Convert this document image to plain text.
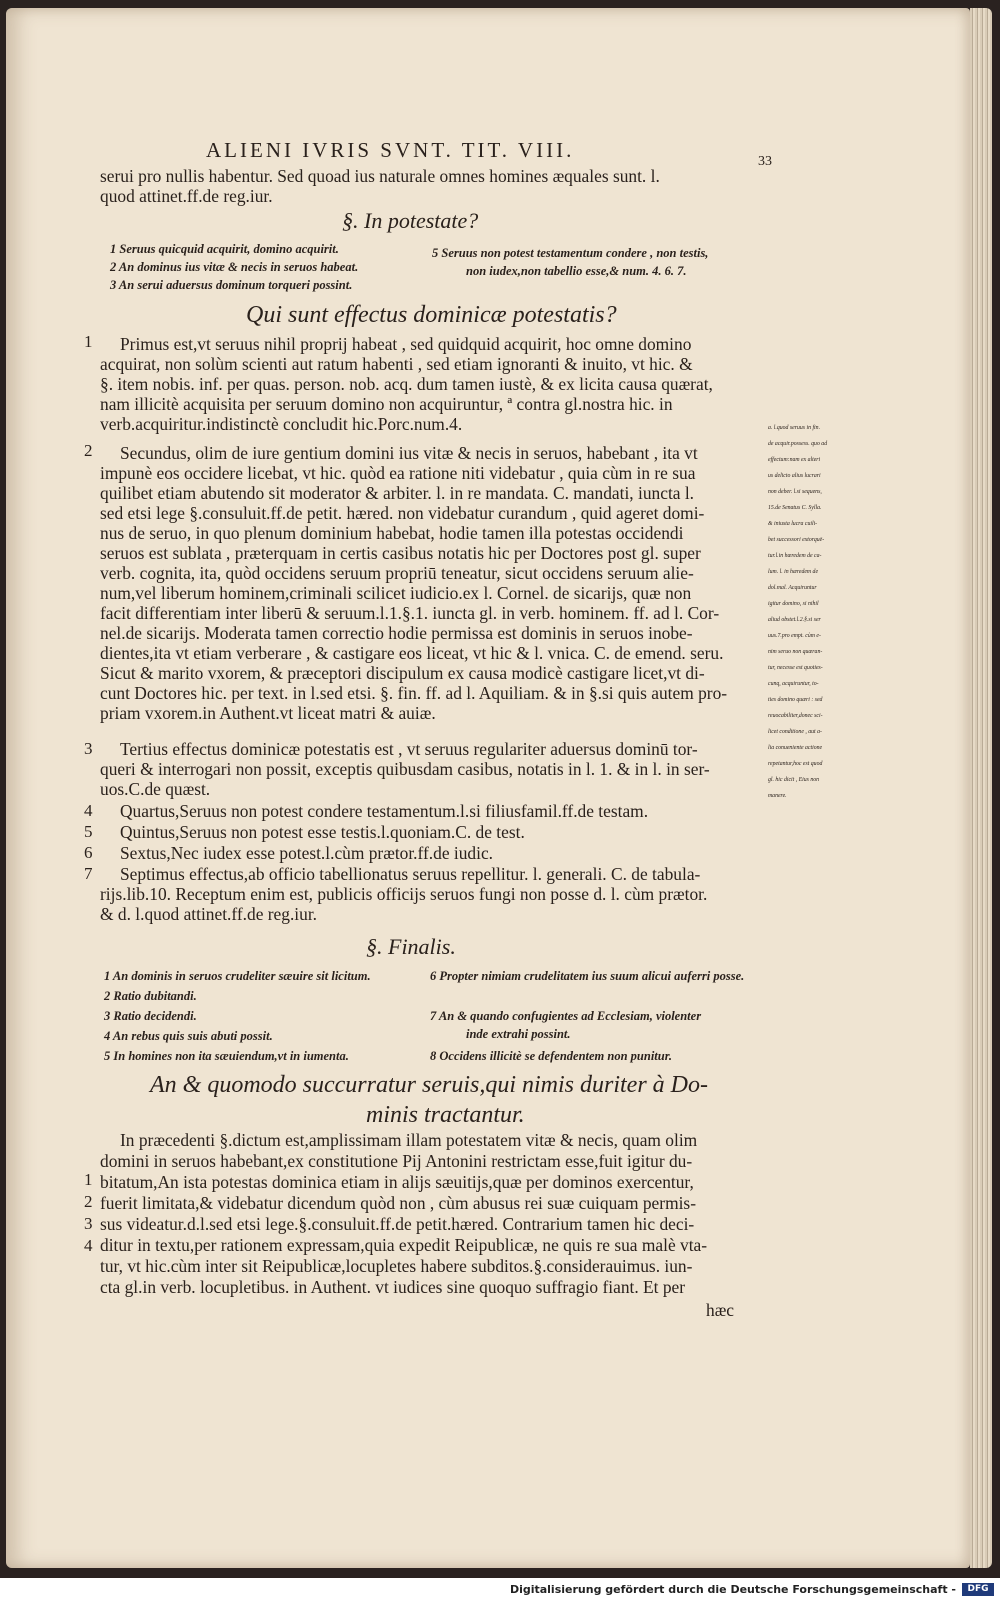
ALIENI IVRIS SVNT. TIT. VIII.	33
serui pro nullis habentur. Sed quoad ius naturale omnes homines æquales sunt. l.
quod attinet.ff.de reg.iur.
§. In potestate?
1 Seruus quicquid acquirit, domino acquirit.
2 An dominus ius vitæ & necis in seruos habeat.
3 An serui aduersus dominum torqueri possint.
5 Seruus non potest testamentum condere , non testis,
non iudex,non tabellio esse,& num. 4. 6. 7.
Qui sunt effectus dominicæ potestatis?
1
2
3
4
5
6
7
Primus est,vt seruus nihil proprij habeat , sed quidquid acquirit, hoc omne domino
acquirat, non solùm scienti aut ratum habenti , sed etiam ignoranti & inuito, vt hic. &
§. item nobis. inf. per quas. person. nob. acq. dum tamen iustè, & ex licita causa quærat,
nam illicitè acquisita per seruum domino non acquiruntur, ª contra gl.nostra hic. in
verb.acquiritur.indistinctè concludit hic.Porc.num.4.
Secundus, olim de iure gentium domini ius vitæ & necis in seruos, habebant , ita vt
impunè eos occidere licebat, vt hic. quòd ea ratione niti videbatur , quia cùm in re sua
quilibet etiam abutendo sit moderator & arbiter. l. in re mandata. C. mandati, iuncta l.
sed etsi lege §.consuluit.ff.de petit. hæred. non videbatur curandum , quid ageret domi-
nus de seruo, in quo plenum dominium habebat, hodie tamen illa potestas occidendi
seruos est sublata , præterquam in certis casibus notatis hic per Doctores post gl. super
verb. cognita, ita, quòd occidens seruum propriū teneatur, sicut occidens seruum alie-
num,vel liberum hominem,criminali scilicet iudicio.ex l. Cornel. de sicarijs, quæ non
facit differentiam inter liberū & seruum.l.1.§.1. iuncta gl. in verb. hominem. ff. ad l. Cor-
nel.de sicarijs. Moderata tamen correctio hodie permissa est dominis in seruos inobe-
dientes,ita vt etiam verberare , & castigare eos liceat, vt hic & l. vnica. C. de emend. seru.
Sicut & marito vxorem, & præceptori discipulum ex causa modicè castigare licet,vt di-
cunt Doctores hic. per text. in l.sed etsi. §. fin. ff. ad l. Aquiliam. & in §.si quis autem pro-
priam vxorem.in Authent.vt liceat matri & auiæ.
Tertius effectus dominicæ potestatis est , vt seruus regulariter aduersus dominū tor-
queri & interrogari non possit, exceptis quibusdam casibus, notatis in l. 1. & in l. in ser-
uos.C.de quæst.
Quartus,Seruus non potest condere testamentum.l.si filiusfamil.ff.de testam.
Quintus,Seruus non potest esse testis.l.quoniam.C. de test.
Sextus,Nec iudex esse potest.l.cùm prætor.ff.de iudic.
Septimus effectus,ab officio tabellionatus seruus repellitur. l. generali. C. de tabula-
rijs.lib.10. Receptum enim est, publicis officijs seruos fungi non posse d. l. cùm prætor.
& d. l.quod attinet.ff.de reg.iur.
a. l.quod seruus in fin.
de acquir.possess. quo ad
effectum:nam ex alteri
us delicto alius lucrari
non deber. l.si sequens,
15.de Senatus C. Sylla.
& iniusta lucra cuili-
bet successori extorquē-
tur.l.in hæredem de ca-
lum. l. in hæredem de
dol.mal. Acquiruntur
igitur domino, si nihil
aliud obstet.l.2.§.si ser
uus.7.pro empt. cùm e-
nim seruo non quæran-
tur, necesse est quoties-
cunq, acquiruntur, to-
ties domino quæri : sed
reuocabiliter,donec sci-
licet conditione , aut a-
lia conueniente actione
repetantur,hoc est quod
gl. hic dicit , Eius non
manere.
§. Finalis.
1 An dominis in seruos crudeliter sæuire sit licitum.
2 Ratio dubitandi.
3 Ratio decidendi.
4 An rebus quis suis abuti possit.
5 In homines non ita sæuiendum,vt in iumenta.
6 Propter nimiam crudelitatem ius suum alicui auferri posse.
7 An & quando confugientes ad Ecclesiam, violenter
inde extrahi possint.
8 Occidens illicitè se defendentem non punitur.
An & quomodo succurratur seruis,qui nimis duriter à Do-
minis tractantur.
1
2
3
4
In præcedenti §.dictum est,amplissimam illam potestatem vitæ & necis, quam olim
domini in seruos habebant,ex constitutione Pij Antonini restrictam esse,fuit igitur du-
bitatum,An ista potestas dominica etiam in alijs sæuitijs,quæ per dominos exercentur,
fuerit limitata,& videbatur dicendum quòd non , cùm abusus rei suæ cuiquam permis-
sus videatur.d.l.sed etsi lege.§.consuluit.ff.de petit.hæred. Contrarium tamen hic deci-
ditur in textu,per rationem expressam,quia expedit Reipublicæ, ne quis re sua malè vta-
tur, vt hic.cùm inter sit Reipublicæ,locupletes habere subditos.§.considerauimus. iun-
cta gl.in verb. locupletibus. in Authent. vt iudices sine quoquo suffragio fiant. Et per
hæc
Digitalisierung gefördert durch die Deutsche Forschungsgemeinschaft -	DFG
